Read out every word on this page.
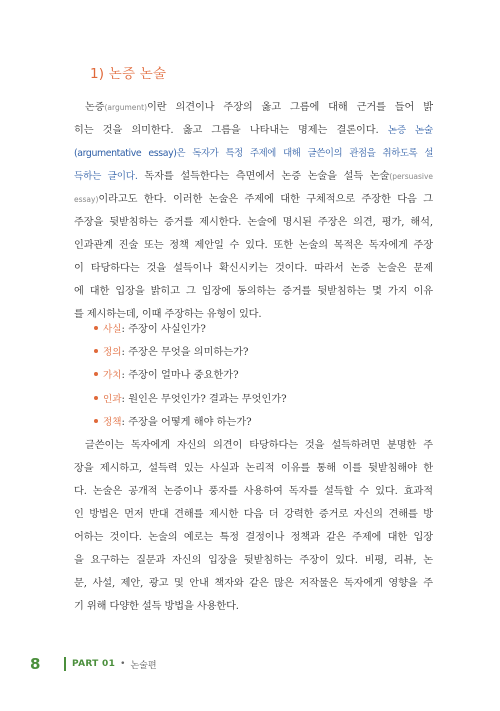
1) 논증 논술
논증(argument)이란 의견이나 주장의 옳고 그름에 대해 근거를 들어 밝
히는 것을 의미한다. 옳고 그름을 나타내는 명제는 결론이다. 논증 논술
(argumentative essay)은 독자가 특정 주제에 대해 글쓴이의 관점을 취하도록 설
득하는 글이다. 독자를 설득한다는 측면에서 논증 논술을 설득 논술(persuasive
essay)이라고도 한다. 이러한 논술은 주제에 대한 구체적으로 주장한 다음 그
주장을 뒷받침하는 증거를 제시한다. 논술에 명시된 주장은 의견, 평가, 해석,
인과관계 진술 또는 정책 제안일 수 있다. 또한 논술의 목적은 독자에게 주장
이 타당하다는 것을 설득이나 확신시키는 것이다. 따라서 논증 논술은 문제
에 대한 입장을 밝히고 그 입장에 동의하는 증거를 뒷받침하는 몇 가지 이유
를 제시하는데, 이때 주장하는 유형이 있다.
사실: 주장이 사실인가?
정의: 주장은 무엇을 의미하는가?
가치: 주장이 얼마나 중요한가?
인과: 원인은 무엇인가? 결과는 무엇인가?
정책: 주장을 어떻게 해야 하는가?
글쓴이는 독자에게 자신의 의견이 타당하다는 것을 설득하려면 분명한 주
장을 제시하고, 설득력 있는 사실과 논리적 이유를 통해 이를 뒷받침해야 한
다. 논술은 공개적 논증이나 풍자를 사용하여 독자를 설득할 수 있다. 효과적
인 방법은 먼저 반대 견해를 제시한 다음 더 강력한 증거로 자신의 견해를 방
어하는 것이다. 논술의 예로는 특정 결정이나 정책과 같은 주제에 대한 입장
을 요구하는 질문과 자신의 입장을 뒷받침하는 주장이 있다. 비평, 리뷰, 논
문, 사설, 제안, 광고 및 안내 책자와 같은 많은 저작물은 독자에게 영향을 주
기 위해 다양한 설득 방법을 사용한다.
8	PART 01 • 논술편
